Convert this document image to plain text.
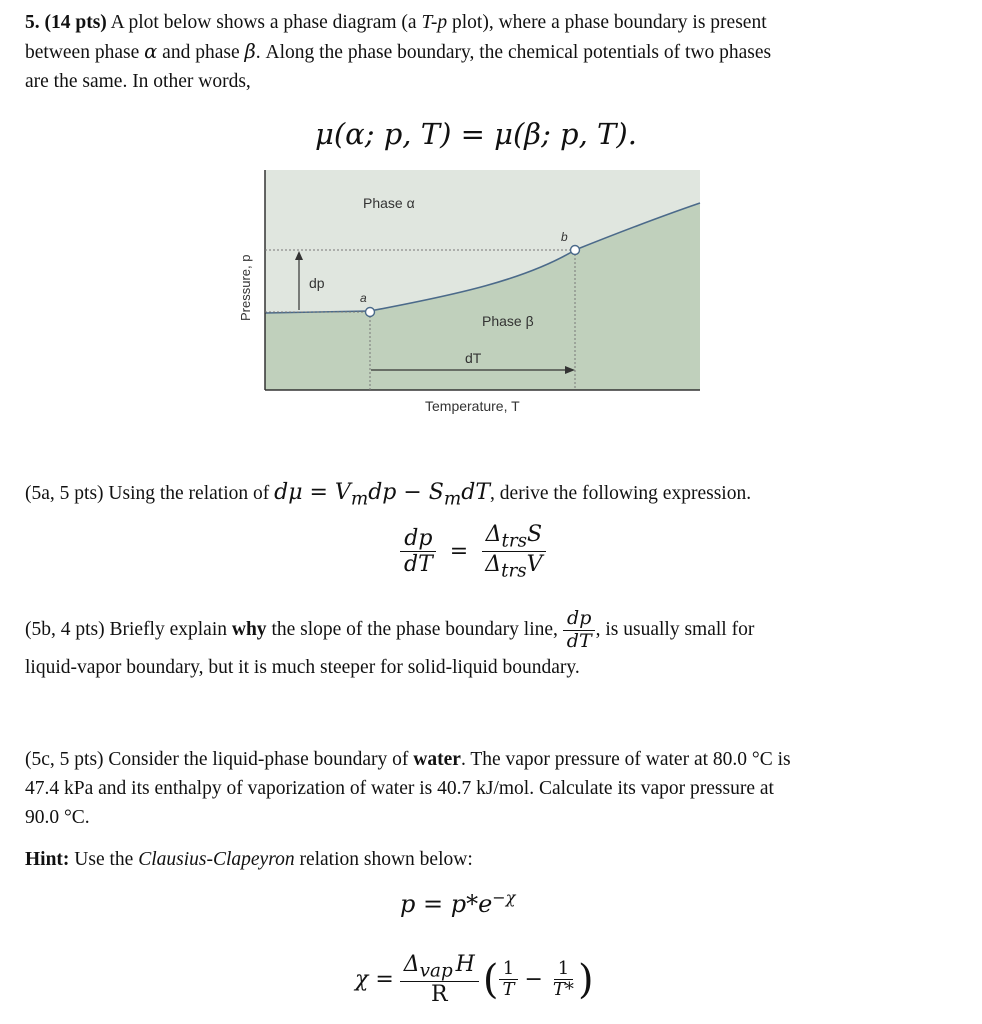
5. (14 pts) A plot below shows a phase diagram (a T-p plot), where a phase boundary is present
between phase α and phase β. Along the phase boundary, the chemical potentials of two phases
are the same. In other words,
μ(α; p, T) = μ(β; p, T).
Phase α
Phase β
a
b
dp
dT
Temperature, T
Pressure, p
(5a, 5 pts) Using the relation of $d\mu = V_mdp - S_mdT$, derive the following expression.
$\frac{dp}{dT} = \frac{\Delta_{trs}S}{\Delta_{trs}V}$
(5b, 4 pts) Briefly explain why the slope of the phase boundary line, $\frac{dp}{dT}$ , is usually small for
liquid-vapor boundary, but it is much steeper for solid-liquid boundary.
(5c, 5 pts) Consider the liquid-phase boundary of water. The vapor pressure of water at 80.0 °C is
47.4 kPa and its enthalpy of vaporization of water is 40.7 kJ/mol. Calculate its vapor pressure at
90.0 °C.
Hint: Use the Clausius-Clapeyron relation shown below:
$p = p*e^{-\chi}$
$\chi = \frac{\Delta_{vap} H}{R}$ ( $\frac{1}{T} - \frac{1}{T*}$ )
